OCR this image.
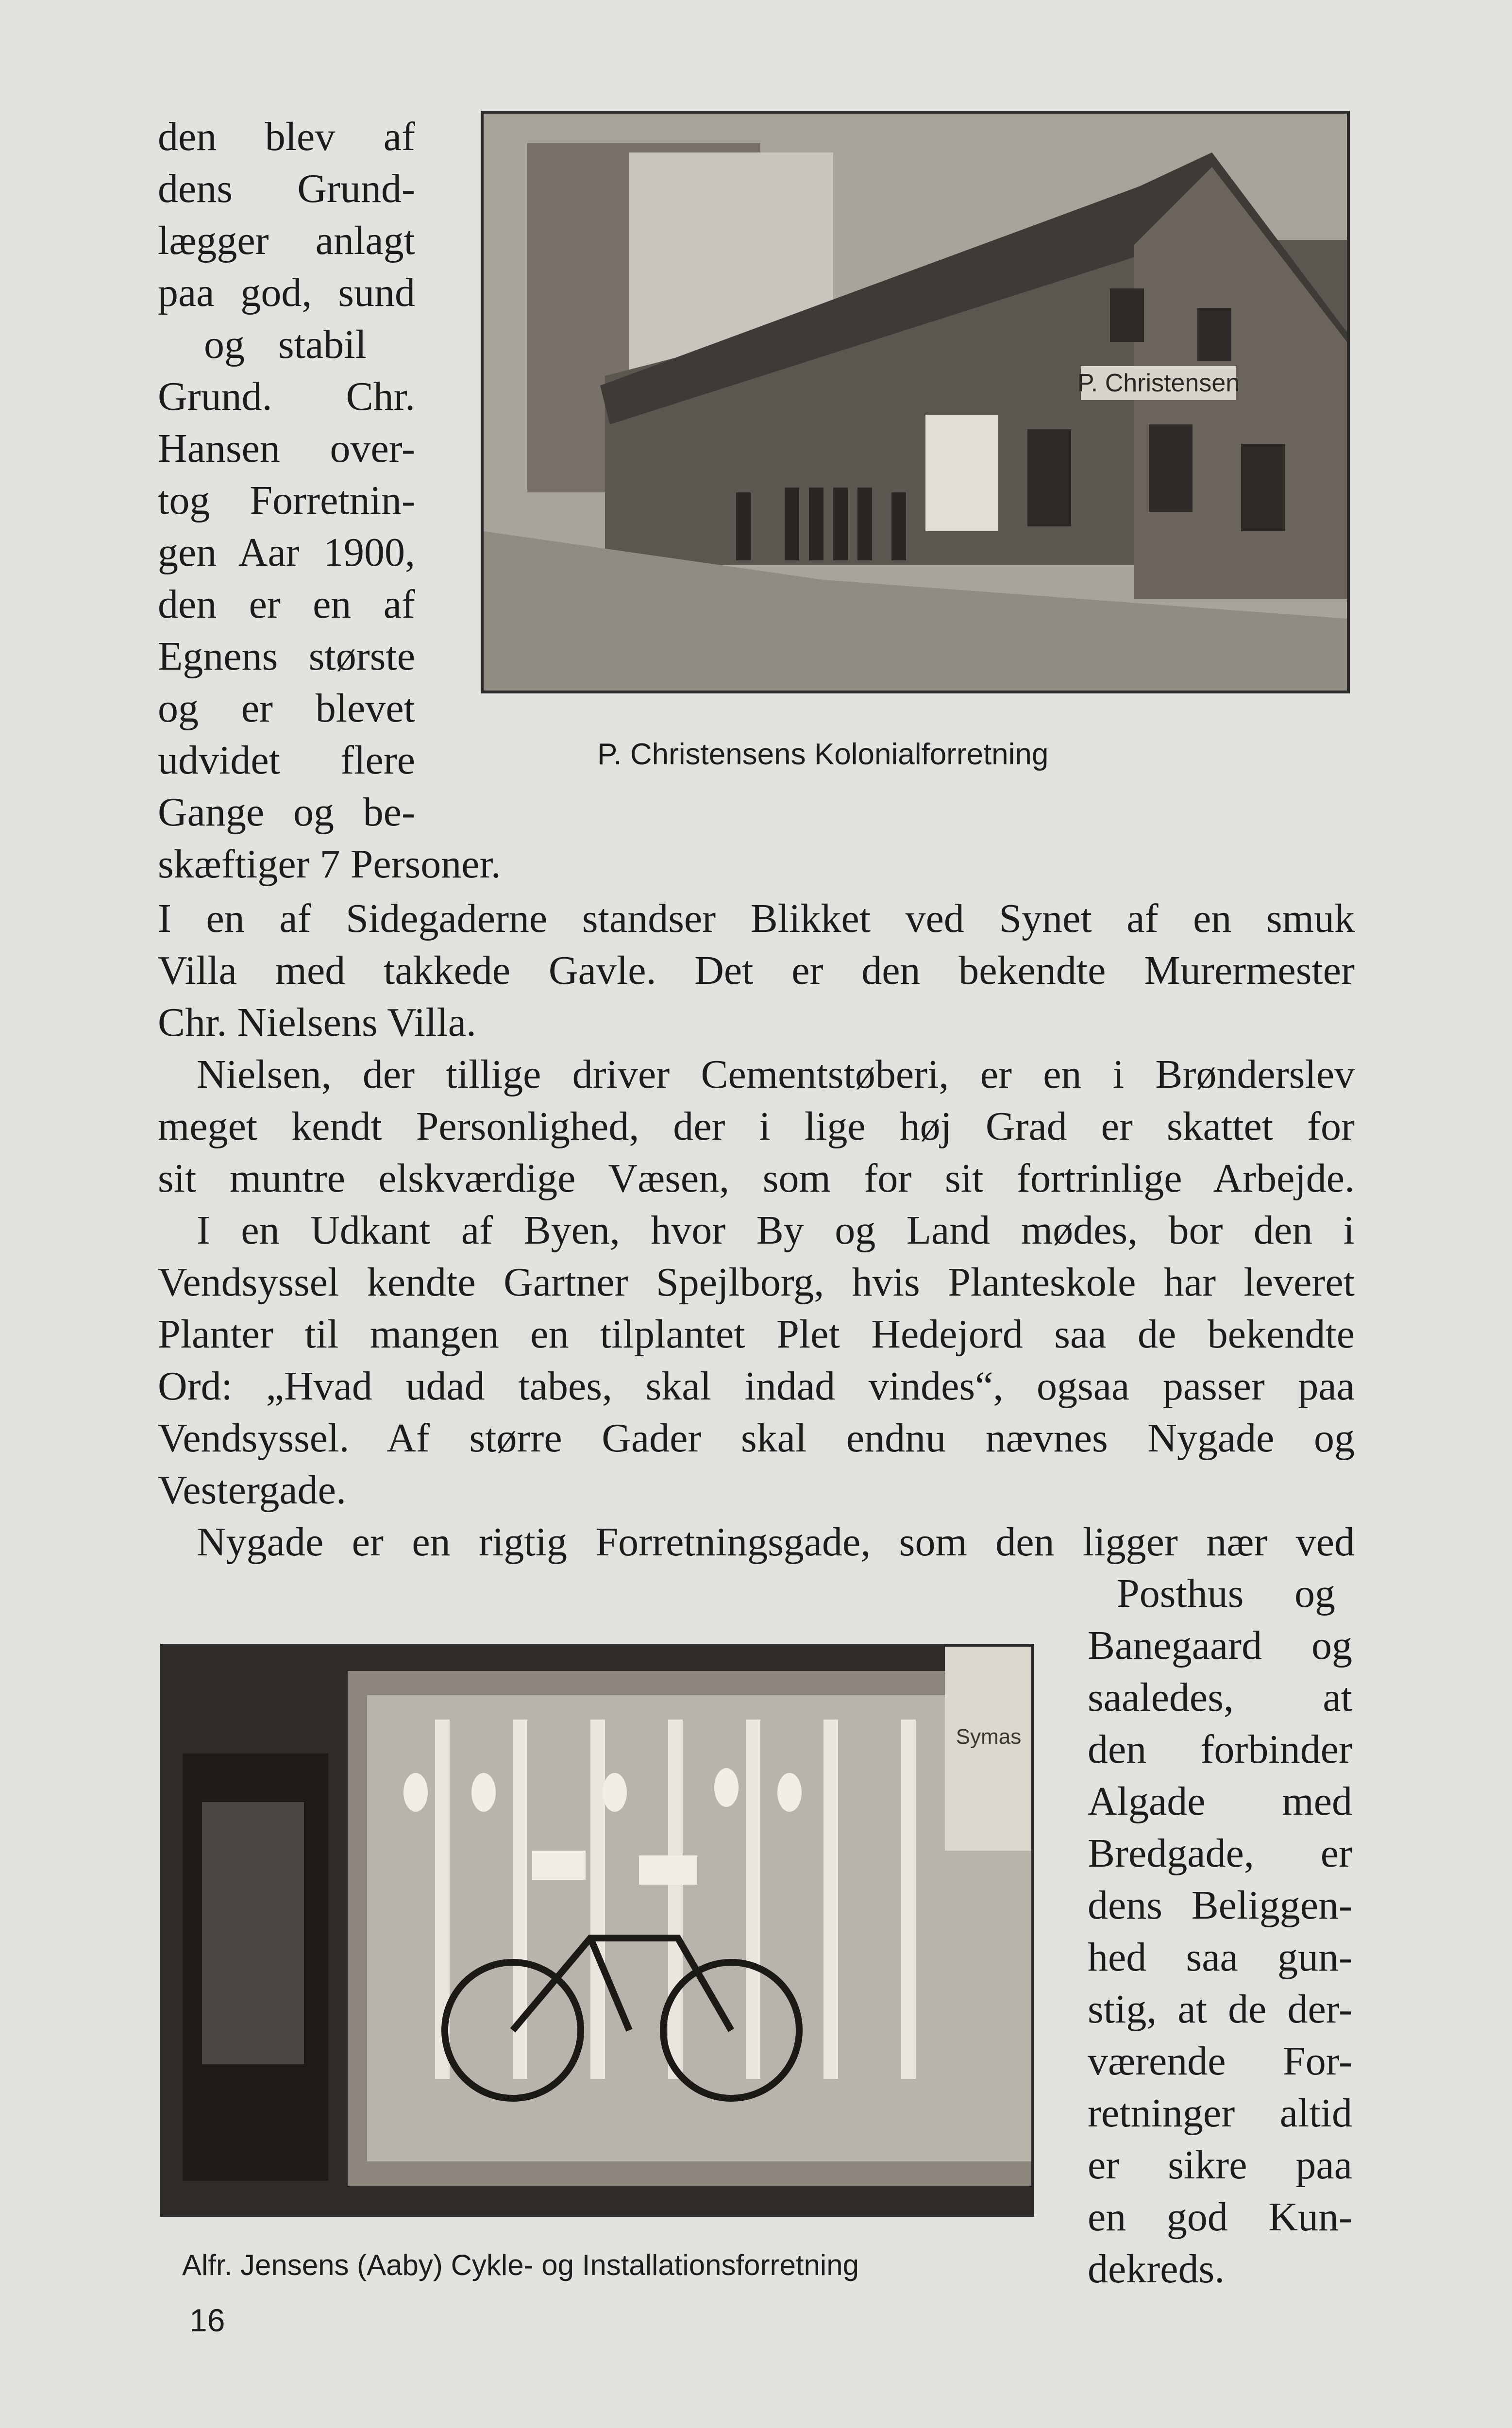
den blev af
dens Grund-
lægger anlagt
paa god, sund
og stabil
Grund. Chr.
Hansen over-
tog Forretnin-
gen Aar 1900,
den er en af
Egnens største
og er blevet
udvidet flere
Gange og be-
skæftiger 7 Personer.
P. Christensen
P. Christensens Kolonialforretning
I en af Sidegaderne standser Blikket ved Synet af en smuk
Villa med takkede Gavle. Det er den bekendte Murermester
Chr. Nielsens Villa.
Nielsen, der tillige driver Cementstøberi, er en i Brønderslev
meget kendt Personlighed, der i lige høj Grad er skattet for
sit muntre elskværdige Væsen, som for sit fortrinlige Arbejde.
I en Udkant af Byen, hvor By og Land mødes, bor den i
Vendsyssel kendte Gartner Spejlborg, hvis Planteskole har leveret
Planter til mangen en tilplantet Plet Hedejord saa de bekendte
Ord: „Hvad udad tabes, skal indad vindes“, ogsaa passer paa
Vendsyssel. Af større Gader skal endnu nævnes Nygade og
Vestergade.
Nygade er en rigtig Forretningsgade, som den ligger nær ved
Symas
Alfr. Jensens (Aaby) Cykle- og Installationsforretning
Posthus og
Banegaard og
saaledes, at
den forbinder
Algade med
Bredgade, er
dens Beliggen-
hed saa gun-
stig, at de der-
værende For-
retninger altid
er sikre paa
en god Kun-
dekreds.
16
